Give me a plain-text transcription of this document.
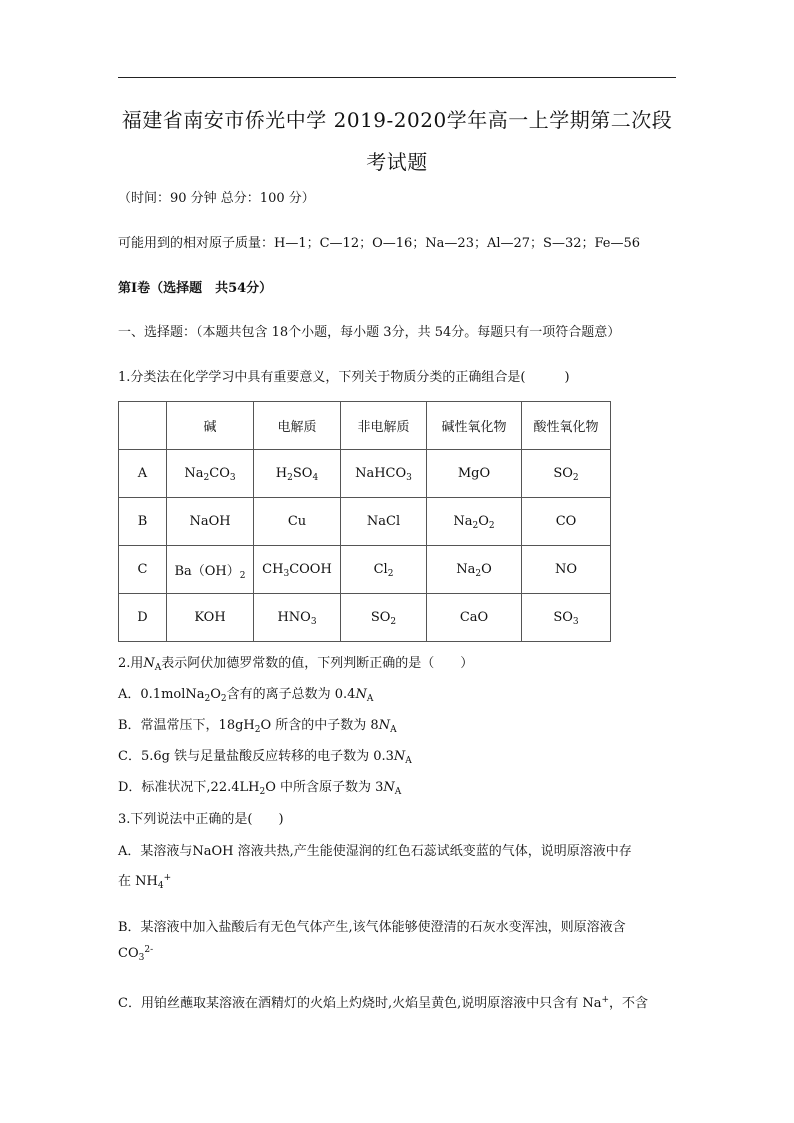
福建省南安市侨光中学 2019-2020学年高一上学期第二次段
考试题
（时间：90 分钟 总分：100 分）
可能用到的相对原子质量：H—1；C—12；O—16；Na—23；Al—27；S—32；Fe—56
第Ⅰ卷（选择题　共54分）
一、选择题：（本题共包含 18个小题，每小题 3分，共 54分。每题只有一项符合题意）
1.分类法在化学学习中具有重要意义，下列关于物质分类的正确组合是(　　　)
	碱	电解质	非电解质	碱性氧化物	酸性氧化物
A	$Na_2CO_3$	$H_2SO_4$	NaHCO$_3$	MgO	$SO_2$
B	NaOH	Cu	NaCl	$Na_2O_2$	CO
C	$Ba(OH)_2$	$CH_3COOH$	$Cl_2$	$Na_2O$	NO
D	KOH	$HNO_3$	$SO_2$	CaO	$SO_3$
2.用$N_A$表示阿伏加德罗常数的值，下列判断正确的是（　　）
A．$0.1molNa_2O_2$含有的离子总数为 $0.4N_A$
B．常温常压下，$18gH_2O$ 所含的中子数为 $8N_A$
C．5.6g 铁与足量盐酸反应转移的电子数为 $0.3N_A$
D．标准状况下$,22.4LH_2O$ 中所含原子数为 $3N_A$
3.下列说法中正确的是(　　)
A．某溶液与NaOH 溶液共热,产生能使湿润的红色石蕊试纸变蓝的气体，说明原溶液中存
在 $NH_4^+$
B．某溶液中加入盐酸后有无色气体产生,该气体能够使澄清的石灰水变浑浊，则原溶液含
$CO_3^{2-}$
C．用铂丝蘸取某溶液在酒精灯的火焰上灼烧时,火焰呈黄色,说明原溶液中只含有 Na+，不含
